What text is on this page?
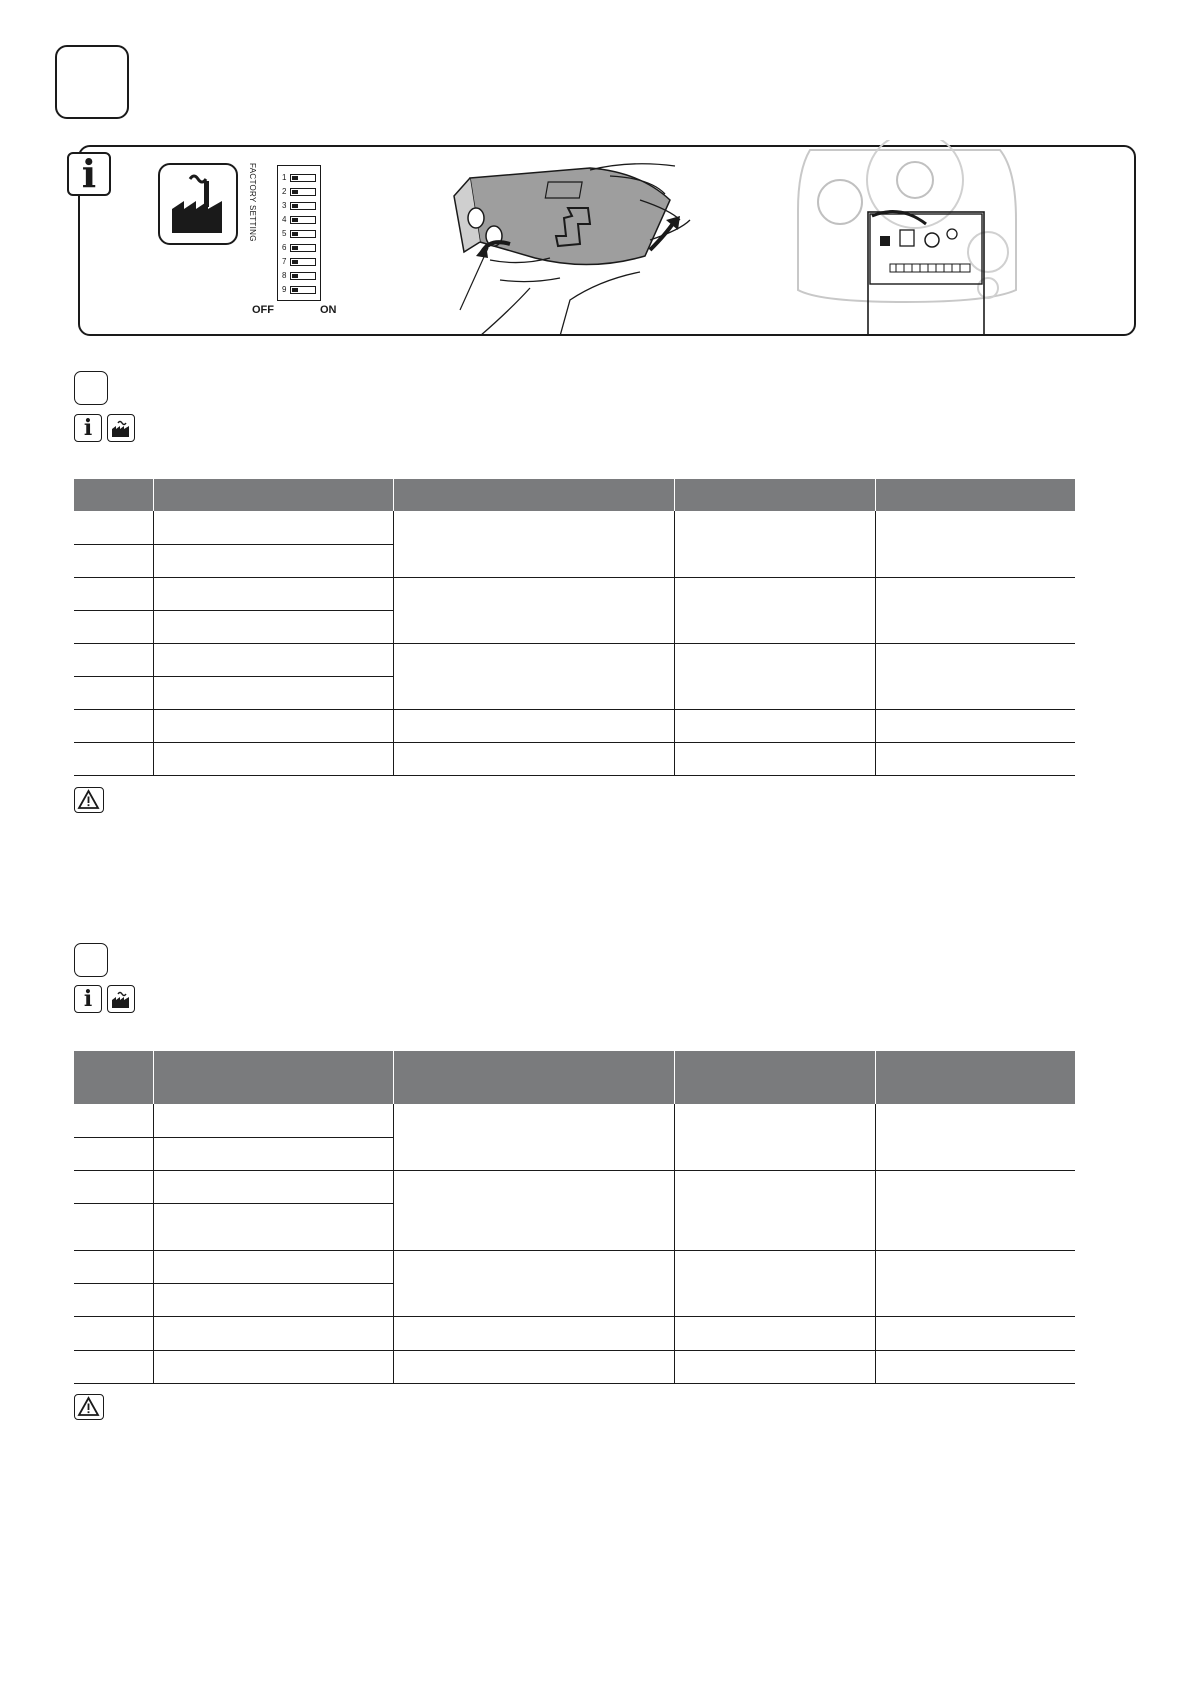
i	FACTORY SETTING	1
2
3
4
5
6
7
8
9
OFF	ON
i

i
